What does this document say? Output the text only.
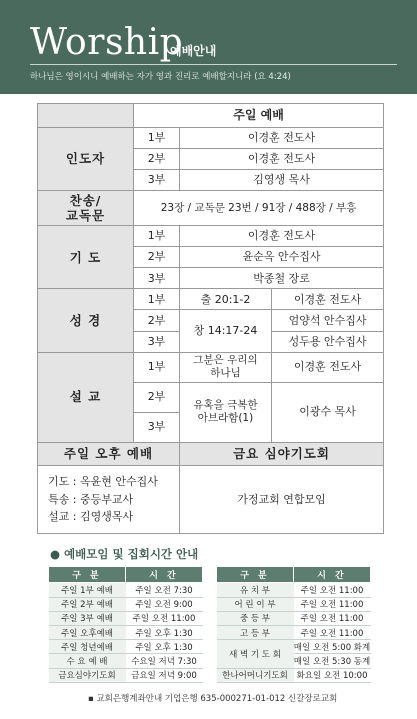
Worship
예배안내
하나님은 영이시니 예배하는 자가 영과 진리로 예배할지니라 (요 4:24)
	주일 예배		
인도자	1부	이경훈 전도사	
	2부	이경훈 전도사	
	3부	김영생 목사	
찬송/
교독문	23장 / 교독문 23번 / 91장 / 488장 / 부흥		
기 도	1부	이경훈 전도사	
	2부	윤순옥 안수집사	
	3부	박종철 장로	
성 경	1부	출 20:1-2	이경훈 전도사
	2부	창 14:17-24	엄양석 안수집사
	3부		성두용 안수집사
설 교	1부	그분은 우리의
하나님	이경훈 전도사
	2부	유혹을 극복한
아브라함(1)	이광수 목사
	3부		
주일 오후 예배		금요 심야기도회	
기도 : 옥윤현 안수집사
특송 : 중등부교사
설교 : 김영생목사		가정교회 연합모임	
● 예배모임 및 집회시간 안내
구 분	시 간		구 분	시 간
주일 1부 예배	주일 오전 7:30		유 치 부	주일 오전 11:00
주일 2부 예배	주일 오전 9:00		어 린 이 부	주일 오전 11:00
주일 3부 예배	주일 오전 11:00		중 등 부	주일 오전 11:00
주일 오후예배	주일 오후 1:30		고 등 부	주일 오전 11:00
주일 청년예배	주일 오후 1:30		새 벽 기 도 회	매일 오전 5:00 화계
수 요 예 배	수요일 저녁 7:30			매일 오전 5:30 동계
금요심야기도회	금요일 저녁 9:00		한나어머니기도회	화요일 오전 10:00
▪ 교회은행계좌안내 기업은행 635-000271-01-012 신갈장로교회
